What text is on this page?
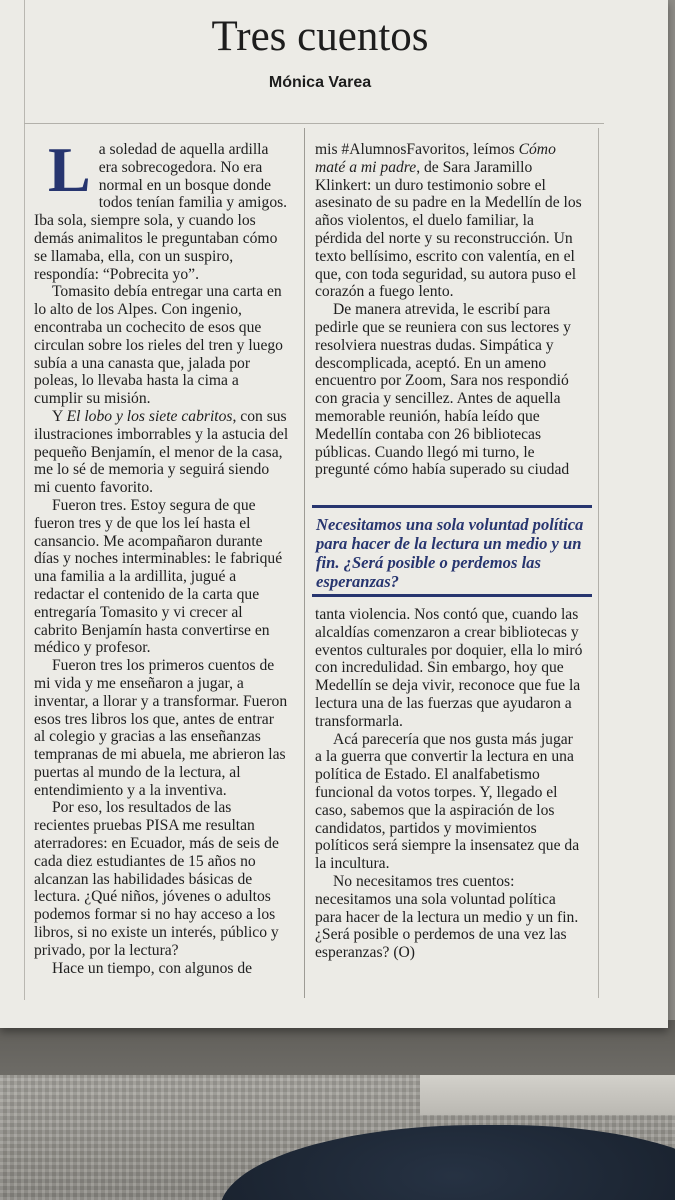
Tres cuentos
Mónica Varea

La soledad de aquella ardilla era sobrecogedora. No era normal en un bosque donde todos tenían familia y amigos. Iba sola, siempre sola, y cuando los demás animalitos le preguntaban cómo se llamaba, ella, con un suspiro, respondía: “Pobrecita yo”.

Tomasito debía entregar una carta en lo alto de los Alpes. Con ingenio, encontraba un cochecito de esos que circulan sobre los rieles del tren y luego subía a una canasta que, jalada por poleas, lo llevaba hasta la cima a cumplir su misión.

Y El lobo y los siete cabritos, con sus ilustraciones imborrables y la astucia del pequeño Benjamín, el menor de la casa, me lo sé de memoria y seguirá siendo mi cuento favorito.

Fueron tres. Estoy segura de que fueron tres y de que los leí hasta el cansancio. Me acompañaron durante días y noches interminables: le fabriqué una familia a la ardillita, jugué a redactar el contenido de la carta que entregaría Tomasito y vi crecer al cabrito Benjamín hasta convertirse en médico y profesor.

Fueron tres los primeros cuentos de mi vida y me enseñaron a jugar, a inventar, a llorar y a transformar. Fueron esos tres libros los que, antes de entrar al colegio y gracias a las enseñanzas tempranas de mi abuela, me abrieron las puertas al mundo de la lectura, al entendimiento y a la inventiva.

Por eso, los resultados de las recientes pruebas PISA me resultan aterradores: en Ecuador, más de seis de cada diez estudiantes de 15 años no alcanzan las habilidades básicas de lectura. ¿Qué niños, jóvenes o adultos podemos formar si no hay acceso a los libros, si no existe un interés, público y privado, por la lectura?

Hace un tiempo, con algunos de

mis #AlumnosFavoritos, leímos Cómo maté a mi padre, de Sara Jaramillo Klinkert: un duro testimonio sobre el asesinato de su padre en la Medellín de los años violentos, el duelo familiar, la pérdida del norte y su reconstrucción. Un texto bellísimo, escrito con valentía, en el que, con toda seguridad, su autora puso el corazón a fuego lento.

De manera atrevida, le escribí para pedirle que se reuniera con sus lectores y resolviera nuestras dudas. Simpática y descomplicada, aceptó. En un ameno encuentro por Zoom, Sara nos respondió con gracia y sencillez. Antes de aquella memorable reunión, había leído que Medellín contaba con 26 bibliotecas públicas. Cuando llegó mi turno, le pregunté cómo había superado su ciudad

Necesitamos una sola voluntad política para hacer de la lectura un medio y un fin. ¿Será posible o perdemos las esperanzas?

tanta violencia. Nos contó que, cuando las alcaldías comenzaron a crear bibliotecas y eventos culturales por doquier, ella lo miró con incredulidad. Sin embargo, hoy que Medellín se deja vivir, reconoce que fue la lectura una de las fuerzas que ayudaron a transformarla.

Acá parecería que nos gusta más jugar a la guerra que convertir la lectura en una política de Estado. El analfabetismo funcional da votos torpes. Y, llegado el caso, sabemos que la aspiración de los candidatos, partidos y movimientos políticos será siempre la insensatez que da la incultura.

No necesitamos tres cuentos: necesitamos una sola voluntad política para hacer de la lectura un medio y un fin. ¿Será posible o perdemos de una vez las esperanzas? (O)
